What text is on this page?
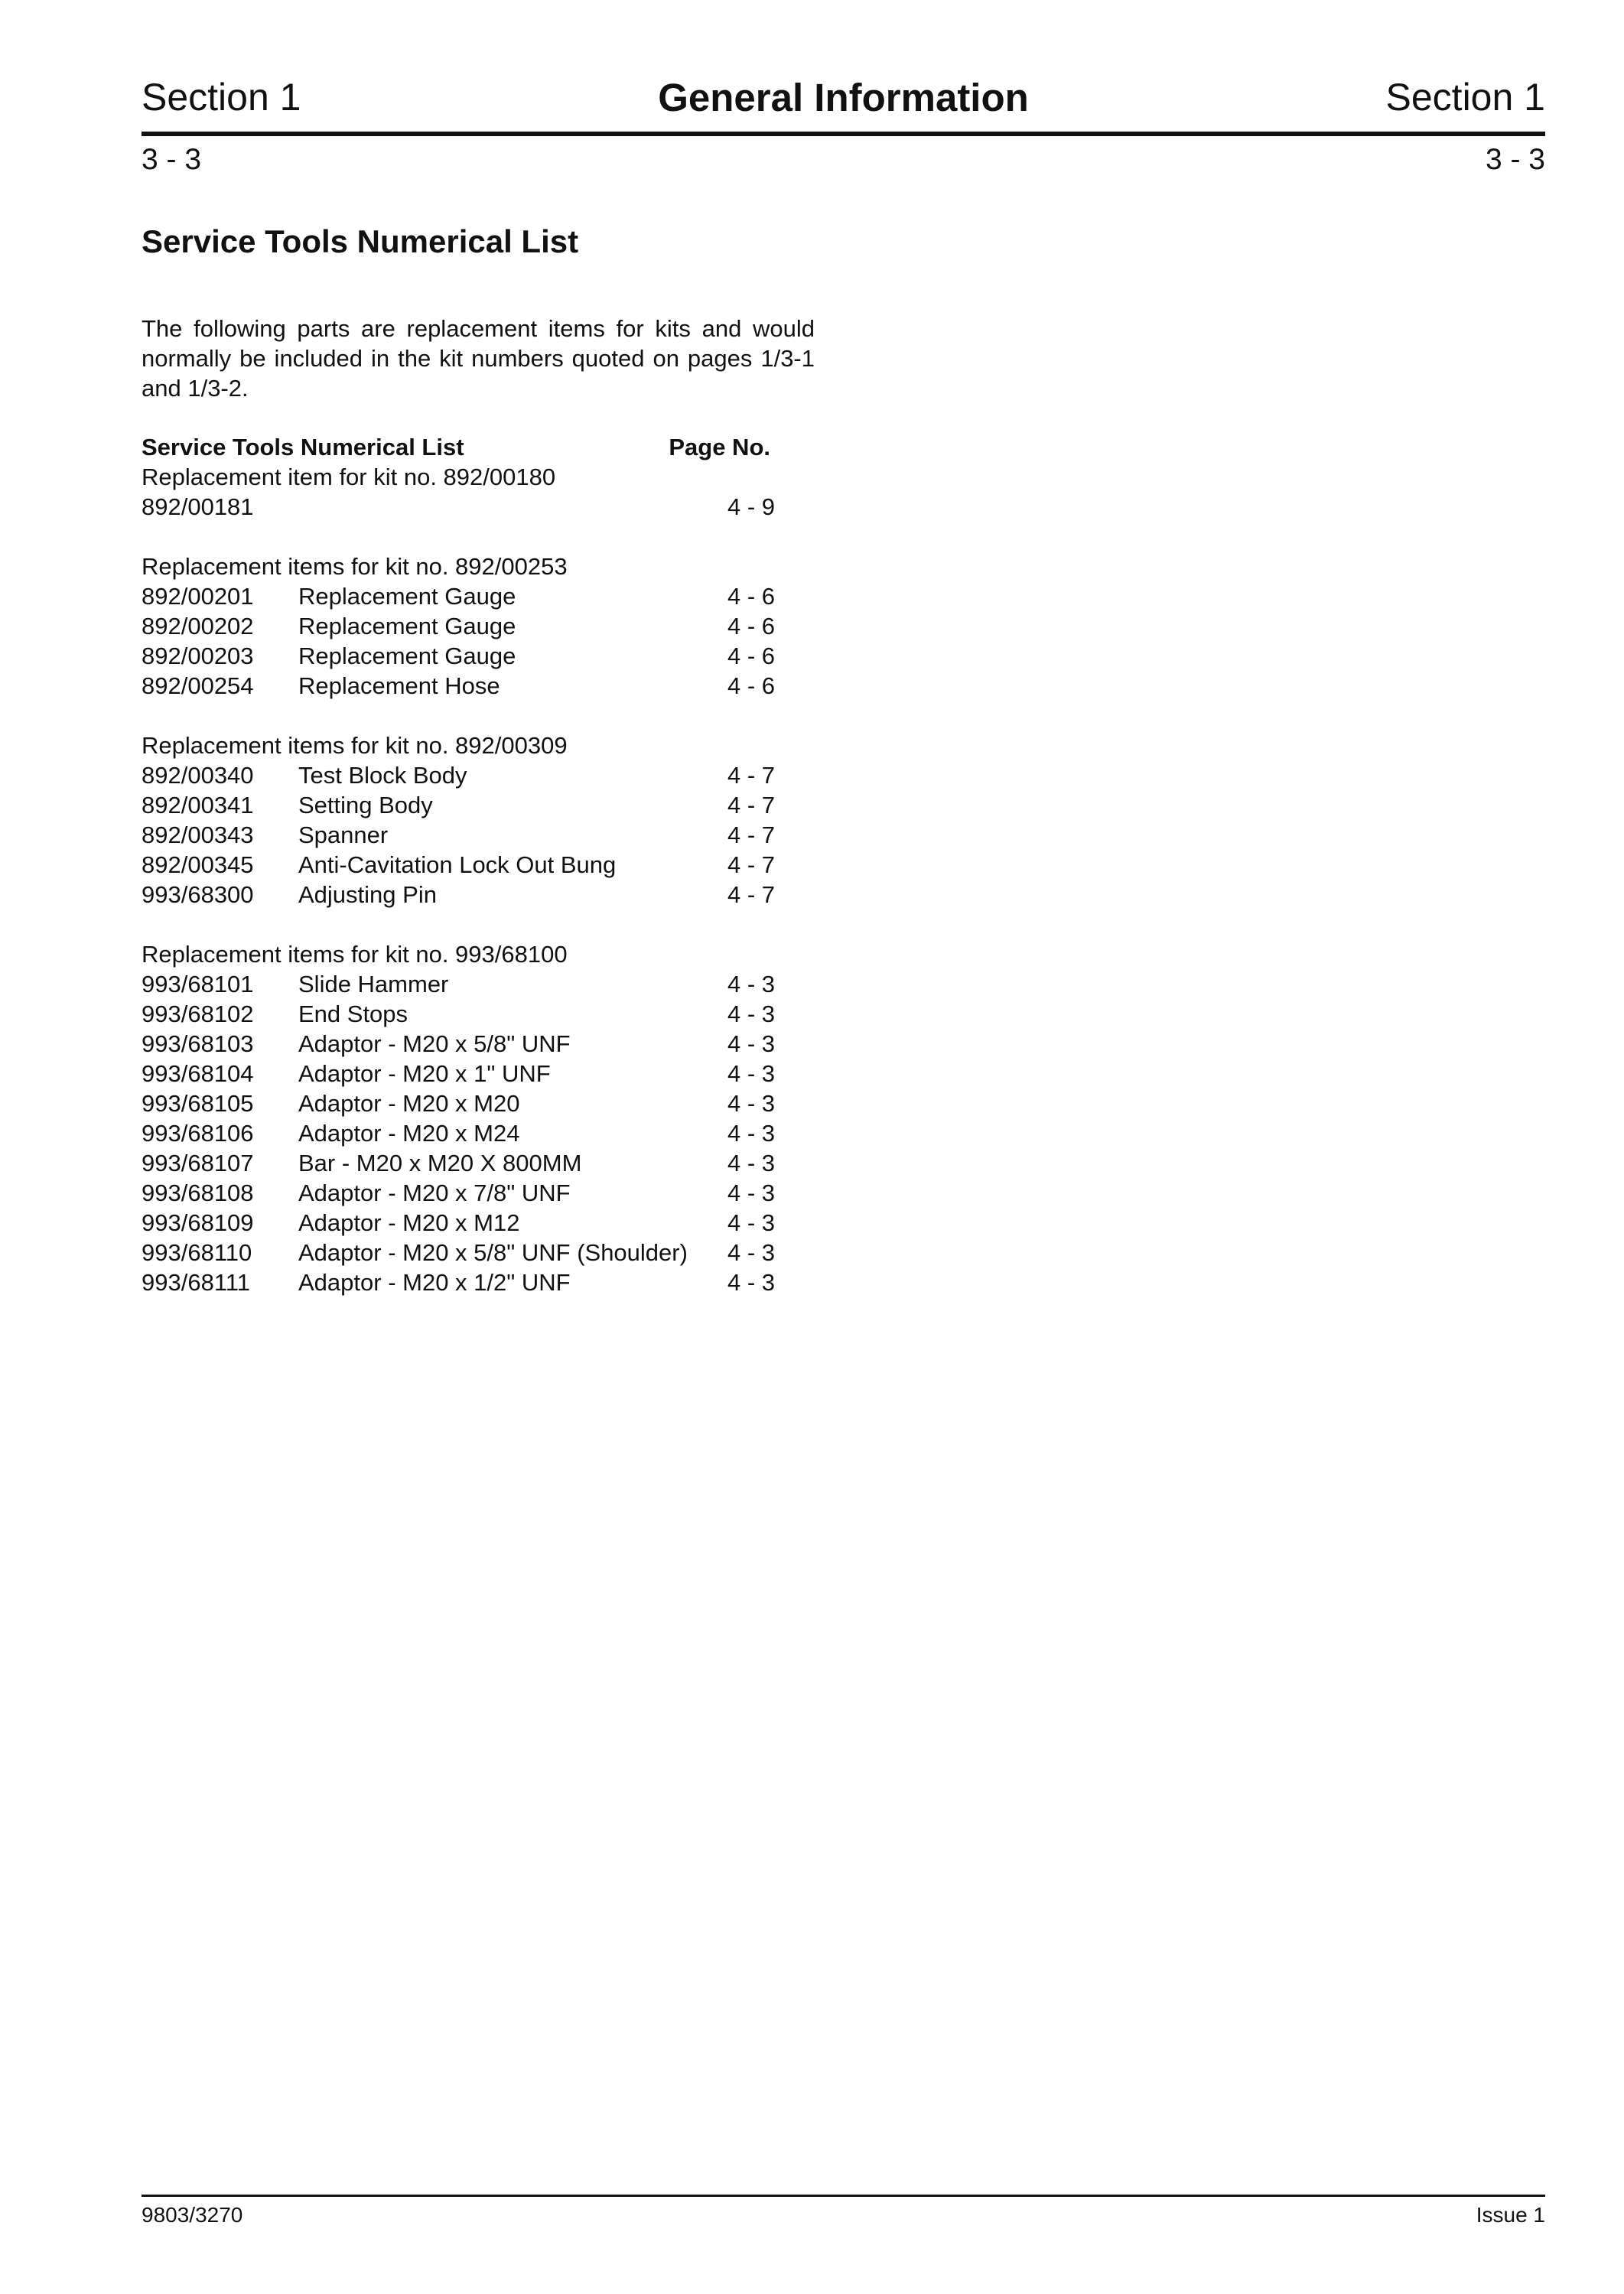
Section 1	General Information	Section 1
3 - 3	3 - 3
Service Tools Numerical List
The following parts are replacement items for kits and would normally be included in the kit numbers quoted on pages 1/3-1 and 1/3-2.
Service Tools Numerical List	Page No.
Replacement item for kit no. 892/00180
892/00181	4 - 9
Replacement items for kit no. 892/00253
892/00201 Replacement Gauge	4 - 6
892/00202 Replacement Gauge	4 - 6
892/00203 Replacement Gauge	4 - 6
892/00254 Replacement Hose	4 - 6
Replacement items for kit no. 892/00309
892/00340 Test Block Body	4 - 7
892/00341 Setting Body	4 - 7
892/00343 Spanner	4 - 7
892/00345 Anti-Cavitation Lock Out Bung	4 - 7
993/68300 Adjusting Pin	4 - 7
Replacement items for kit no. 993/68100
993/68101 Slide Hammer	4 - 3
993/68102 End Stops	4 - 3
993/68103 Adaptor - M20 x 5/8" UNF	4 - 3
993/68104 Adaptor - M20 x 1" UNF	4 - 3
993/68105 Adaptor - M20 x M20	4 - 3
993/68106 Adaptor - M20 x M24	4 - 3
993/68107 Bar - M20 x M20 X 800MM	4 - 3
993/68108 Adaptor - M20 x 7/8" UNF	4 - 3
993/68109 Adaptor - M20 x M12	4 - 3
993/68110 Adaptor - M20 x 5/8" UNF (Shoulder) 4 - 3
993/68111 Adaptor - M20 x 1/2" UNF	4 - 3
9803/3270	Issue 1
